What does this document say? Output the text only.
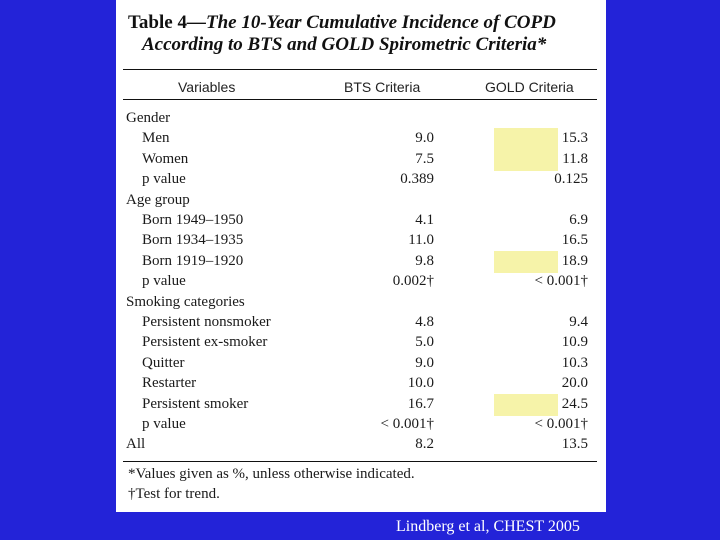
Table 4—The 10-Year Cumulative Incidence of COPD
According to BTS and GOLD Spirometric Criteria*
Variables	BTS Criteria	GOLD Criteria
Gender
Men	9.0	15.3
Women	7.5	11.8
p value	0.389	0.125
Age group
Born 1949–1950	4.1	6.9
Born 1934–1935	11.0	16.5
Born 1919–1920	9.8	18.9
p value	0.002†	< 0.001†
Smoking categories
Persistent nonsmoker	4.8	9.4
Persistent ex-smoker	5.0	10.9
Quitter	9.0	10.3
Restarter	10.0	20.0
Persistent smoker	16.7	24.5
p value	< 0.001†	< 0.001†
All	8.2	13.5
*Values given as %, unless otherwise indicated.
†Test for trend.
Lindberg et al, CHEST 2005
